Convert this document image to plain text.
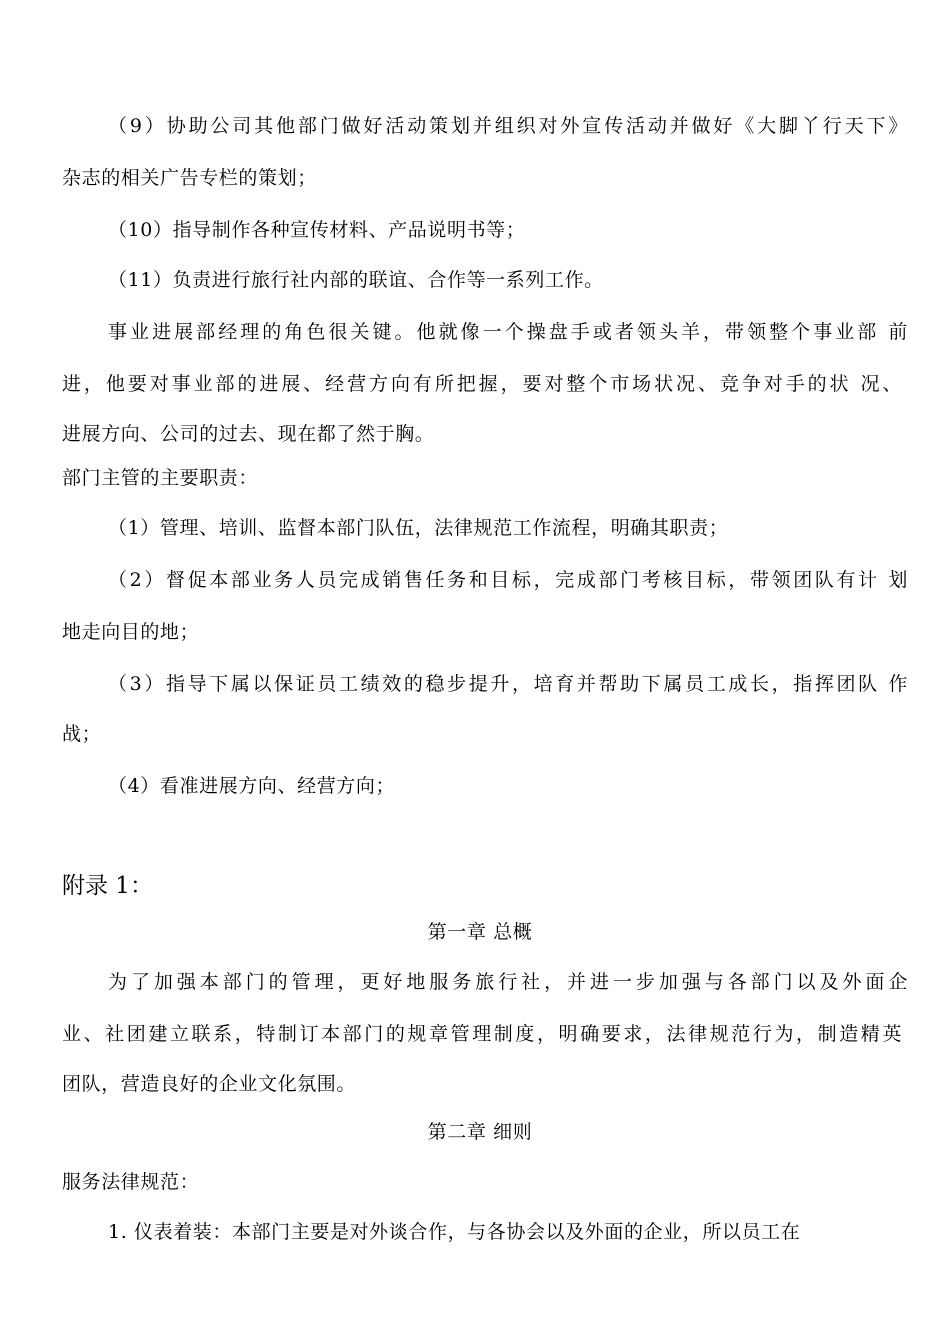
（9）协助公司其他部门做好活动策划并组织对外宣传活动并做好《大脚丫行天下》
杂志的相关广告专栏的策划；
（10）指导制作各种宣传材料、产品说明书等；
（11）负责进行旅行社内部的联谊、合作等一系列工作。
事业进展部经理的角色很关键。他就像一个操盘手或者领头羊，带领整个事业部 前
进，他要对事业部的进展、经营方向有所把握，要对整个市场状况、竞争对手的状 况、
进展方向、公司的过去、现在都了然于胸。
部门主管的主要职责：
（1）管理、培训、监督本部门队伍，法律规范工作流程，明确其职责；
（2）督促本部业务人员完成销售任务和目标，完成部门考核目标，带领团队有计 划
地走向目的地；
（3）指导下属以保证员工绩效的稳步提升，培育并帮助下属员工成长，指挥团队 作
战；
（4）看准进展方向、经营方向；
附录 1：
第一章 总概
为了加强本部门的管理，更好地服务旅行社，并进一步加强与各部门以及外面企
业、社团建立联系，特制订本部门的规章管理制度，明确要求，法律规范行为，制造精英
团队，营造良好的企业文化氛围。
第二章 细则
服务法律规范：
1. 仪表着装：本部门主要是对外谈合作，与各协会以及外面的企业，所以员工在
